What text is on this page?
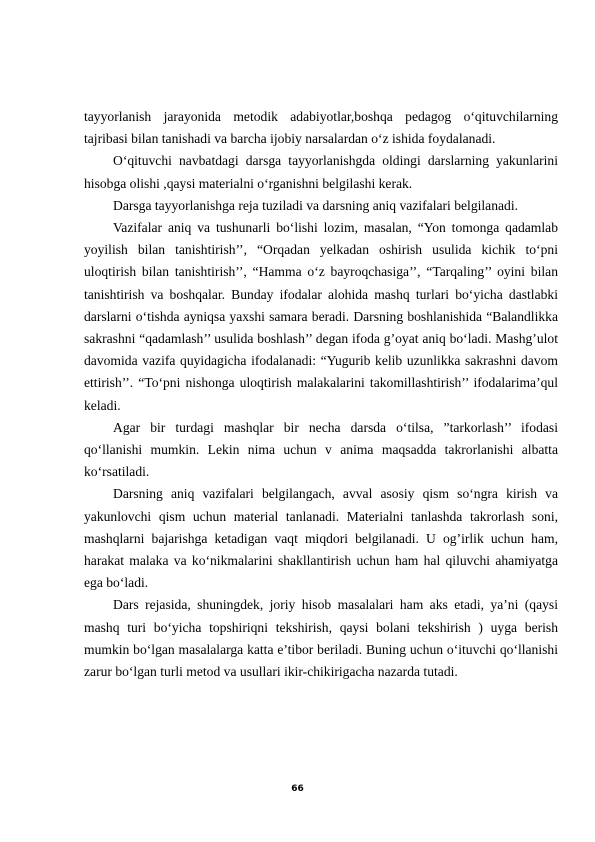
tayyorlanish jarayonida metodik adabiyotlar,boshqa pedagog o‘qituvchilarning tajribasi bilan tanishadi va barcha ijobiy narsalardan o‘z ishida foydalanadi.

O‘qituvchi navbatdagi darsga tayyorlanishgda oldingi darslarning yakunlarini hisobga olishi ,qaysi materialni o‘rganishni belgilashi kerak.

Darsga tayyorlanishga reja tuziladi va darsning aniq vazifalari belgilanadi.

Vazifalar aniq va tushunarli bo‘lishi lozim, masalan, “Yon tomonga qadamlab yoyilish bilan tanishtirish’’, “Orqadan yelkadan oshirish usulida kichik to‘pni uloqtirish bilan tanishtirish’’, “Hamma o‘z bayroqchasiga’’, “Tarqaling’’ oyini bilan tanishtirish va boshqalar. Bunday ifodalar alohida mashq turlari bo‘yicha dastlabki darslarni o‘tishda ayniqsa yaxshi samara beradi. Darsning boshlanishida “Balandlikka sakrashni “qadamlash’’ usulida boshlash’’ degan ifoda g’oyat aniq bo‘ladi. Mashg’ulot davomida vazifa quyidagicha ifodalanadi: “Yugurib kelib uzunlikka sakrashni davom ettirish’’. “To‘pni nishonga uloqtirish malakalarini takomillashtirish’’ ifodalarima’qul keladi.

Agar bir turdagi mashqlar bir necha darsda o‘tilsa, ”tarkorlash’’ ifodasi qo‘llanishi mumkin. Lekin nima uchun v anima maqsadda takrorlanishi albatta ko‘rsatiladi.

Darsning aniq vazifalari belgilangach, avval asosiy qism so‘ngra kirish va yakunlovchi qism uchun material tanlanadi. Materialni tanlashda takrorlash soni, mashqlarni bajarishga ketadigan vaqt miqdori belgilanadi. U og’irlik uchun ham, harakat malaka va ko‘nikmalarini shakllantirish uchun ham hal qiluvchi ahamiyatga ega bo‘ladi.

Dars rejasida, shuningdek, joriy hisob masalalari ham aks etadi, ya’ni (qaysi mashq turi bo‘yicha topshiriqni tekshirish, qaysi bolani tekshirish ) uyga berish mumkin bo‘lgan masalalarga katta e’tibor beriladi. Buning uchun o‘ituvchi qo‘llanishi zarur bo‘lgan turli metod va usullari ikir-chikirigacha nazarda tutadi.

66
